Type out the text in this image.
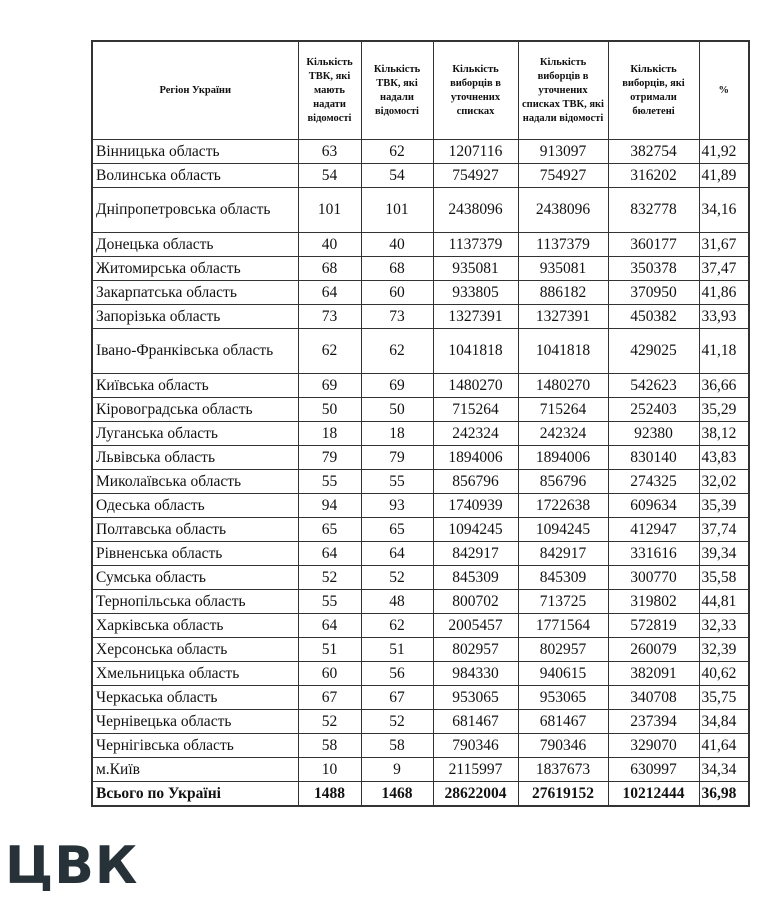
Регіон України	Кількість ТВК, які мають надати відомості	Кількість ТВК, які надали відомості	Кількість виборців в уточнених списках	Кількість виборців в уточнених списках ТВК, які надали відомості	Кількість виборців, які отримали бюлетені	%
Вінницька область	63	62	1207116	913097	382754	41,92
Волинська область	54	54	754927	754927	316202	41,89
Дніпропетровська область	101	101	2438096	2438096	832778	34,16
Донецька область	40	40	1137379	1137379	360177	31,67
Житомирська область	68	68	935081	935081	350378	37,47
Закарпатська область	64	60	933805	886182	370950	41,86
Запорізька область	73	73	1327391	1327391	450382	33,93
Івано-Франківська область	62	62	1041818	1041818	429025	41,18
Київська область	69	69	1480270	1480270	542623	36,66
Кіровоградська область	50	50	715264	715264	252403	35,29
Луганська область	18	18	242324	242324	92380	38,12
Львівська область	79	79	1894006	1894006	830140	43,83
Миколаївська область	55	55	856796	856796	274325	32,02
Одеська область	94	93	1740939	1722638	609634	35,39
Полтавська область	65	65	1094245	1094245	412947	37,74
Рівненська область	64	64	842917	842917	331616	39,34
Сумська область	52	52	845309	845309	300770	35,58
Тернопільська область	55	48	800702	713725	319802	44,81
Харківська область	64	62	2005457	1771564	572819	32,33
Херсонська область	51	51	802957	802957	260079	32,39
Хмельницька область	60	56	984330	940615	382091	40,62
Черкаська область	67	67	953065	953065	340708	35,75
Чернівецька область	52	52	681467	681467	237394	34,84
Чернігівська область	58	58	790346	790346	329070	41,64
м.Київ	10	9	2115997	1837673	630997	34,34
Всього по Україні	1488	1468	28622004	27619152	10212444	36,98
ЦВК
